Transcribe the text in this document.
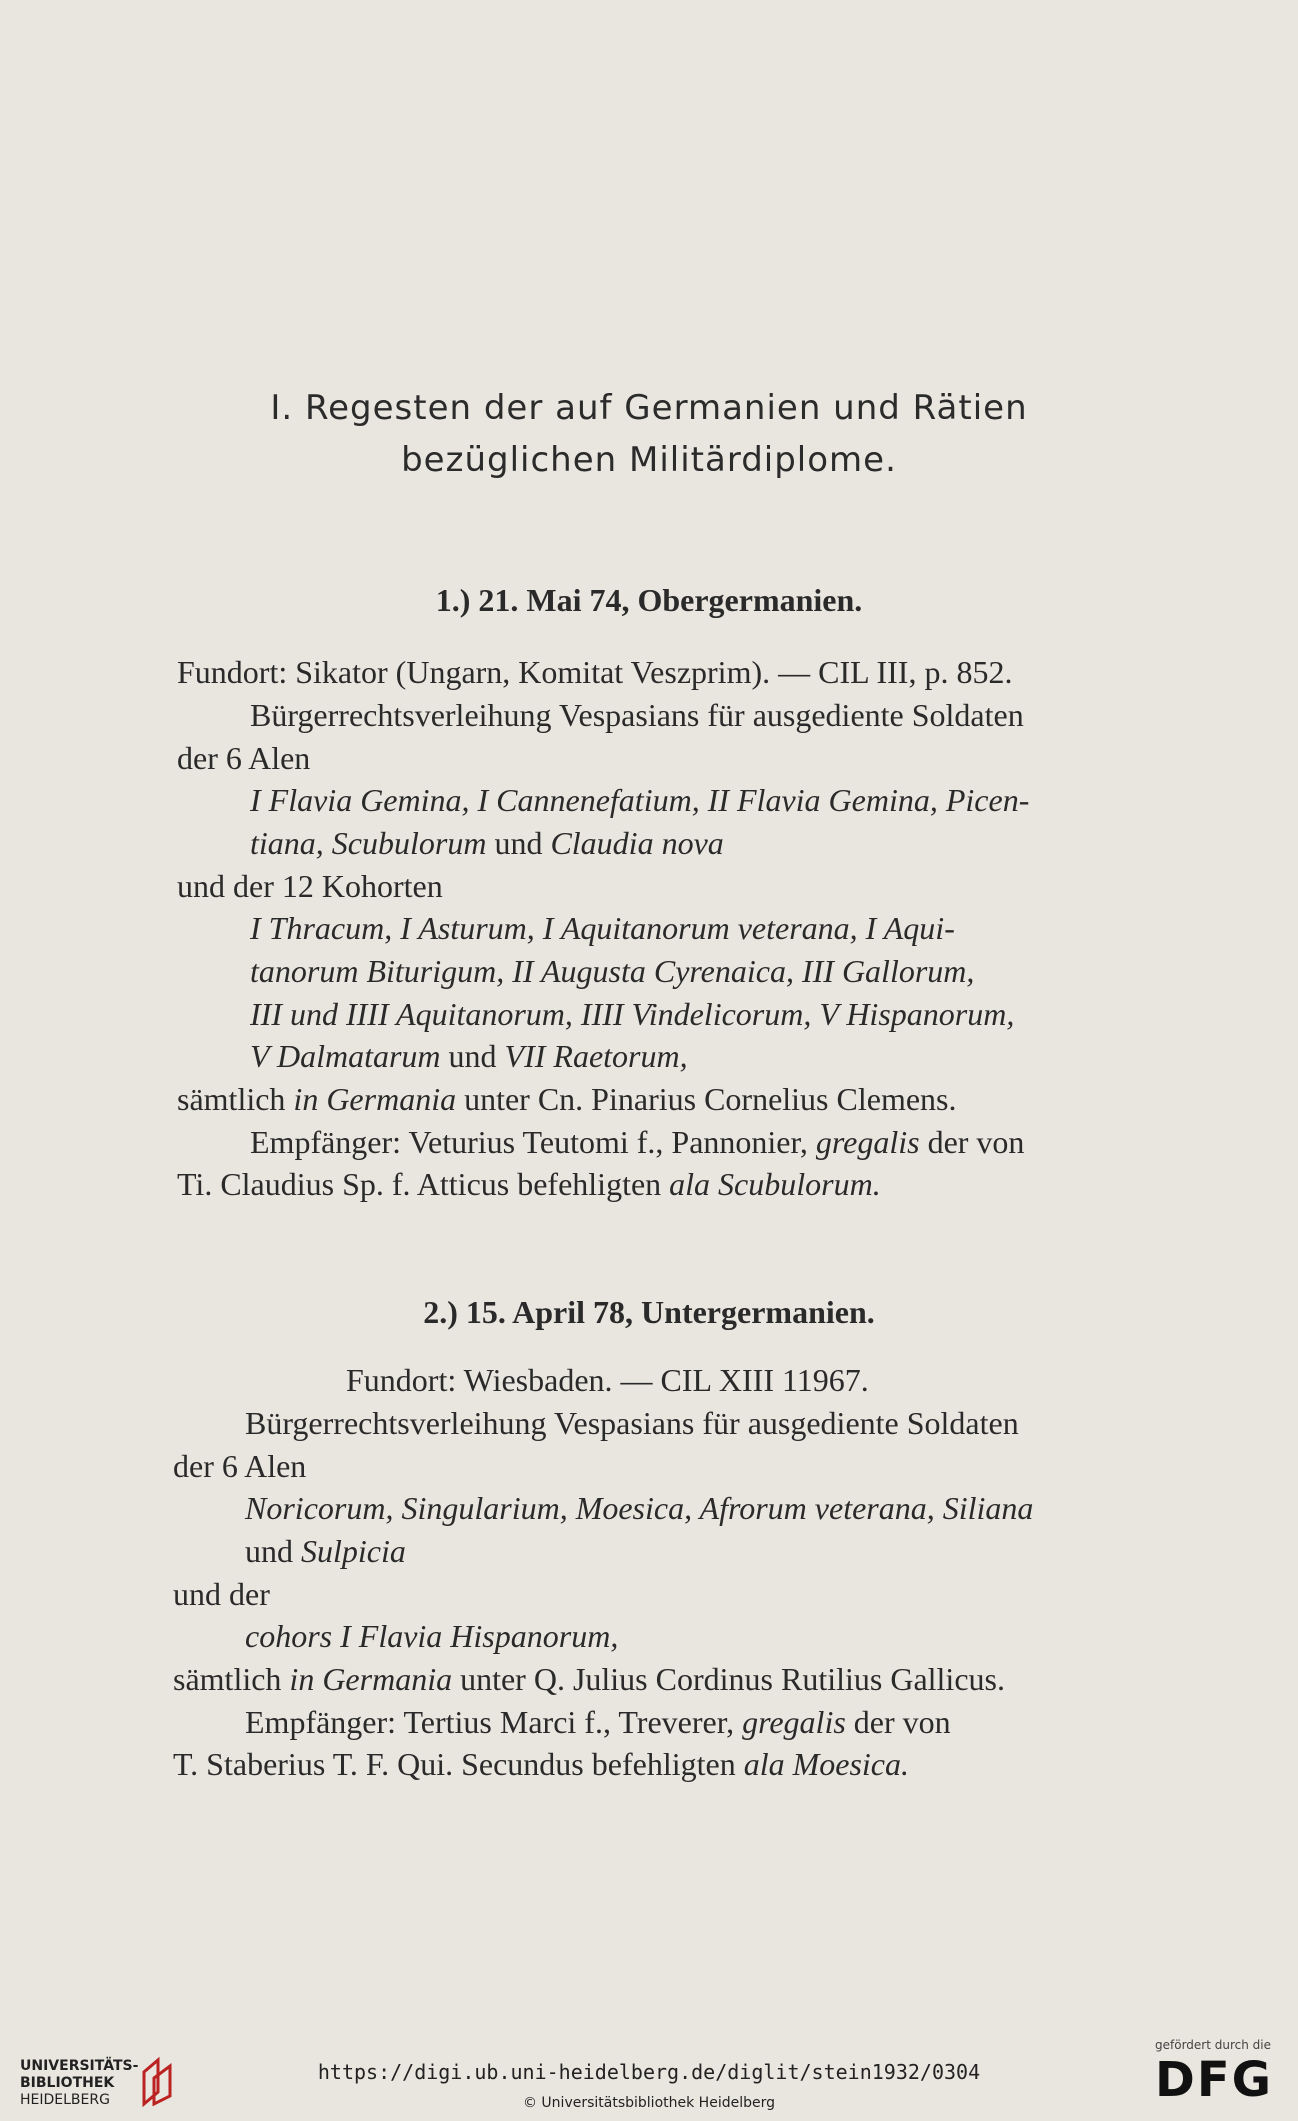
I. Regesten der auf Germanien und Rätien
bezüglichen Militärdiplome.
1.) 21. Mai 74, Obergermanien.
Fundort: Sikator (Ungarn, Komitat Veszprim). — CIL III, p. 852.
Bürgerrechtsverleihung Vespasians für ausgediente Soldaten
der 6 Alen
I Flavia Gemina, I Cannenefatium, II Flavia Gemina, Picen-
tiana, Scubulorum und Claudia nova
und der 12 Kohorten
I Thracum, I Asturum, I Aquitanorum veterana, I Aqui-
tanorum Biturigum, II Augusta Cyrenaica, III Gallorum,
III und IIII Aquitanorum, IIII Vindelicorum, V Hispanorum,
V Dalmatarum und VII Raetorum,
sämtlich in Germania unter Cn. Pinarius Cornelius Clemens.
Empfänger: Veturius Teutomi f., Pannonier, gregalis der von
Ti. Claudius Sp. f. Atticus befehligten ala Scubulorum.
2.) 15. April 78, Untergermanien.
Fundort: Wiesbaden. — CIL XIII 11967.
Bürgerrechtsverleihung Vespasians für ausgediente Soldaten
der 6 Alen
Noricorum, Singularium, Moesica, Afrorum veterana, Siliana
und Sulpicia
und der
cohors I Flavia Hispanorum,
sämtlich in Germania unter Q. Julius Cordinus Rutilius Gallicus.
Empfänger: Tertius Marci f., Treverer, gregalis der von
T. Staberius T. F. Qui. Secundus befehligten ala Moesica.
UNIVERSITÄTS-
BIBLIOTHEK
HEIDELBERG
https://digi.ub.uni-heidelberg.de/diglit/stein1932/0304
© Universitätsbibliothek Heidelberg
gefördert durch die
DFG
